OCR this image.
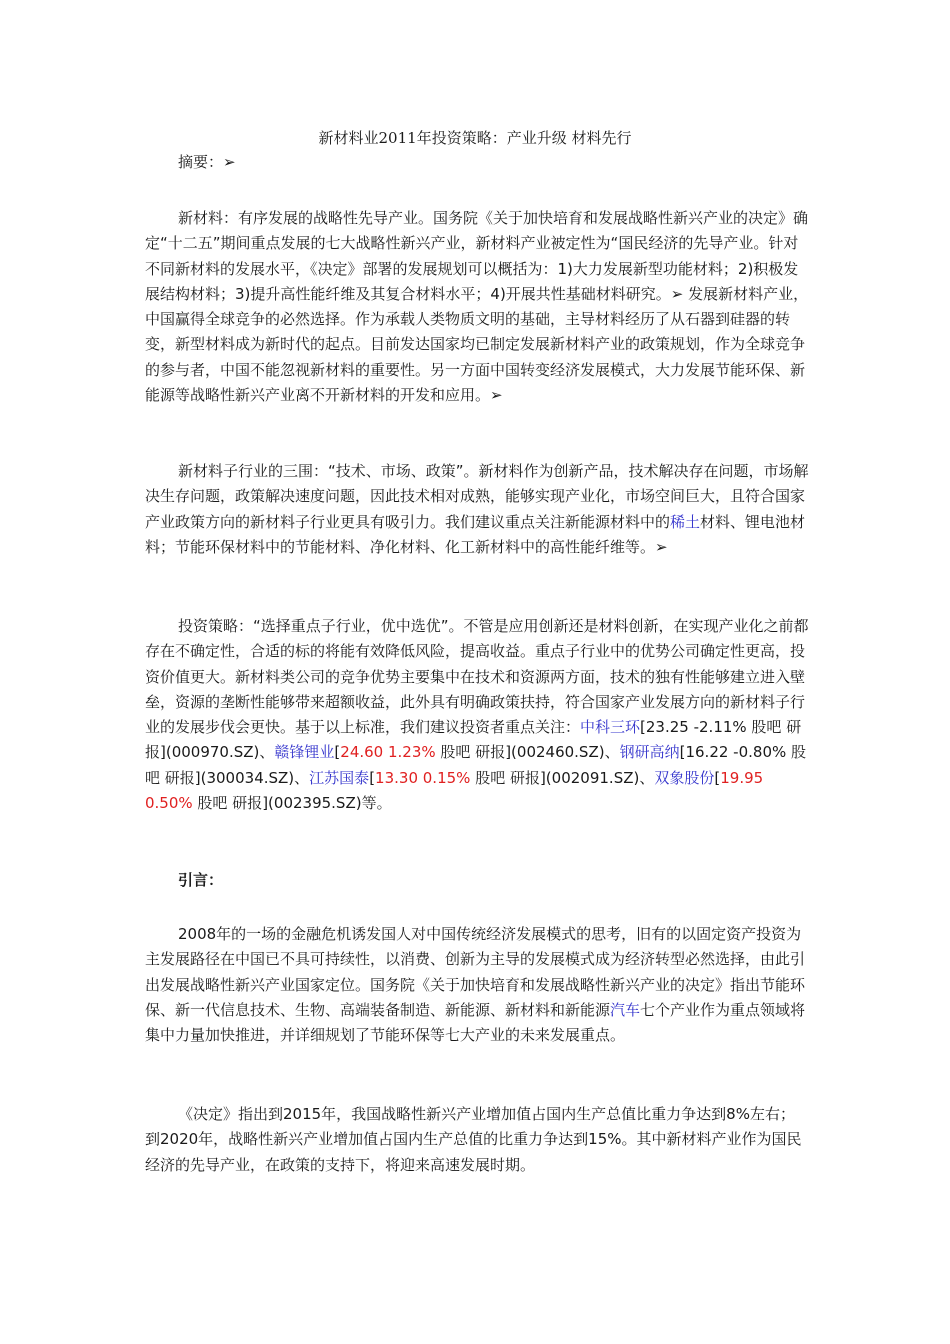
新材料业2011年投资策略：产业升级 材料先行
摘要：➢

新材料：有序发展的战略性先导产业。国务院《关于加快培育和发展战略性新兴产业的决定》确定“十二五”期间重点发展的七大战略性新兴产业，新材料产业被定性为“国民经济的先导产业。针对不同新材料的发展水平，《决定》部署的发展规划可以概括为：1)大力发展新型功能材料；2)积极发展结构材料；3)提升高性能纤维及其复合材料水平；4)开展共性基础材料研究。➢ 发展新材料产业，中国赢得全球竞争的必然选择。作为承载人类物质文明的基础，主导材料经历了从石器到硅器的转变，新型材料成为新时代的起点。目前发达国家均已制定发展新材料产业的政策规划，作为全球竞争的参与者，中国不能忽视新材料的重要性。另一方面中国转变经济发展模式，大力发展节能环保、新能源等战略性新兴产业离不开新材料的开发和应用。➢

新材料子行业的三围：“技术、市场、政策”。新材料作为创新产品，技术解决存在问题，市场解决生存问题，政策解决速度问题，因此技术相对成熟，能够实现产业化，市场空间巨大，且符合国家产业政策方向的新材料子行业更具有吸引力。我们建议重点关注新能源材料中的稀土材料、锂电池材料；节能环保材料中的节能材料、净化材料、化工新材料中的高性能纤维等。➢

投资策略：“选择重点子行业，优中选优”。不管是应用创新还是材料创新，在实现产业化之前都存在不确定性，合适的标的将能有效降低风险，提高收益。重点子行业中的优势公司确定性更高，投资价值更大。新材料类公司的竞争优势主要集中在技术和资源两方面，技术的独有性能够建立进入壁垒，资源的垄断性能够带来超额收益，此外具有明确政策扶持，符合国家产业发展方向的新材料子行业的发展步伐会更快。基于以上标准，我们建议投资者重点关注：中科三环[23.25 -2.11% 股吧 研报](000970.SZ)、赣锋锂业[24.60 1.23% 股吧 研报](002460.SZ)、钢研高纳[16.22 -0.80% 股吧 研报](300034.SZ)、江苏国泰[13.30 0.15% 股吧 研报](002091.SZ)、双象股份[19.95 0.50% 股吧 研报](002395.SZ)等。

引言：

2008年的一场的金融危机诱发国人对中国传统经济发展模式的思考，旧有的以固定资产投资为主发展路径在中国已不具可持续性，以消费、创新为主导的发展模式成为经济转型必然选择，由此引出发展战略性新兴产业国家定位。国务院《关于加快培育和发展战略性新兴产业的决定》指出节能环保、新一代信息技术、生物、高端装备制造、新能源、新材料和新能源汽车七个产业作为重点领域将集中力量加快推进，并详细规划了节能环保等七大产业的未来发展重点。

《决定》指出到2015年，我国战略性新兴产业增加值占国内生产总值比重力争达到8%左右；到2020年，战略性新兴产业增加值占国内生产总值的比重力争达到15%。其中新材料产业作为国民经济的先导产业，在政策的支持下，将迎来高速发展时期。
